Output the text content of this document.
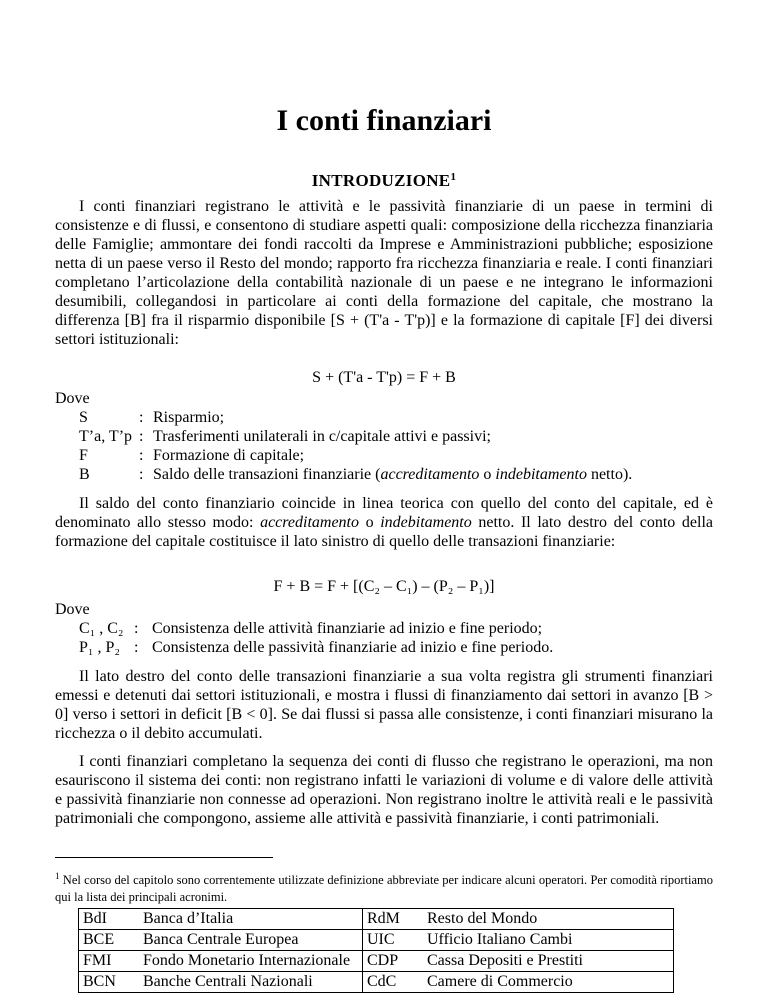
I conti finanziari
INTRODUZIONE$^1$

I conti finanziari registrano le attività e le passività finanziarie di un paese in termini di consistenze e di flussi, e consentono di studiare aspetti quali: composizione della ricchezza finanziaria delle Famiglie; ammontare dei fondi raccolti da Imprese e Amministrazioni pubbliche; esposizione netta di un paese verso il Resto del mondo; rapporto fra ricchezza finanziaria e reale. I conti finanziari completano l’articolazione della contabilità nazionale di un paese e ne integrano le informazioni desumibili, collegandosi in particolare ai conti della formazione del capitale, che mostrano la differenza [B] fra il risparmio disponibile [S + (T'a - T'p)] e la formazione di capitale [F] dei diversi settori istituzionali:

S + (T'a - T'p) = F + B

Dove
S	: Risparmio;
T’a, T’p : Trasferimenti unilaterali in c/capitale attivi e passivi;
F	: Formazione di capitale;
B	: Saldo delle transazioni finanziarie (accreditamento o indebitamento netto).

Il saldo del conto finanziario coincide in linea teorica con quello del conto del capitale, ed è denominato allo stesso modo: accreditamento o indebitamento netto. Il lato destro del conto della formazione del capitale costituisce il lato sinistro di quello delle transazioni finanziarie:

F + B = F + [(C₂ – C₁) – (P₂ – P₁)]

Dove
C₁ , C₂ : Consistenza delle attività finanziarie ad inizio e fine periodo;
P₁ , P₂ : Consistenza delle passività finanziarie ad inizio e fine periodo.

Il lato destro del conto delle transazioni finanziarie a sua volta registra gli strumenti finanziari emessi e detenuti dai settori istituzionali, e mostra i flussi di finanziamento dai settori in avanzo [B > 0] verso i settori in deficit [B < 0]. Se dai flussi si passa alle consistenze, i conti finanziari misurano la ricchezza o il debito accumulati.

I conti finanziari completano la sequenza dei conti di flusso che registrano le operazioni, ma non esauriscono il sistema dei conti: non registrano infatti le variazioni di volume e di valore delle attività e passività finanziarie non connesse ad operazioni. Non registrano inoltre le attività reali e le passività patrimoniali che compongono, assieme alle attività e passività finanziarie, i conti patrimoniali.

$^1$ Nel corso del capitolo sono correntemente utilizzate definizione abbreviate per indicare alcuni operatori. Per comodità riportiamo qui la lista dei principali acronimi.
BdI	Banca d’Italia	RdM	Resto del Mondo
BCE	Banca Centrale Europea	UIC	Ufficio Italiano Cambi
FMI	Fondo Monetario Internazionale	CDP	Cassa Depositi e Prestiti
BCN	Banche Centrali Nazionali	CdC	Camere di Commercio
